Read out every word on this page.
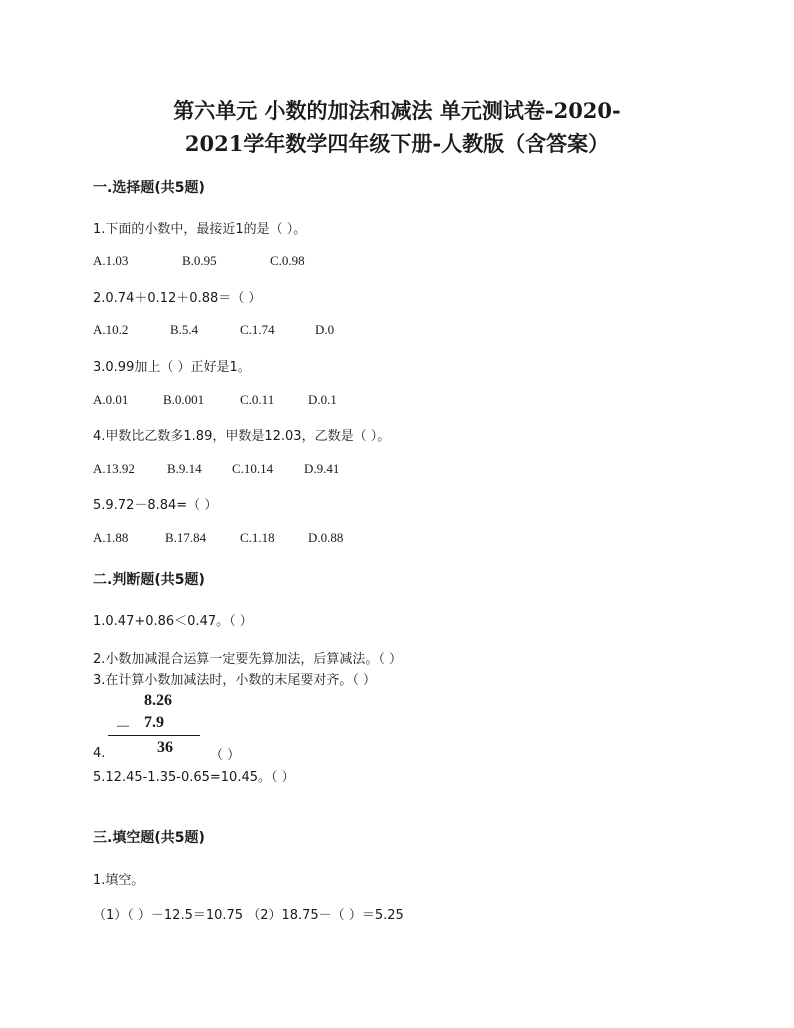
第六单元 小数的加法和减法 单元测试卷-2020-
2021学年数学四年级下册-人教版（含答案）
一.选择题(共5题)
1.下面的小数中，最接近1的是（ ）。
A.1.03	B.0.95	C.0.98
2.0.74＋0.12＋0.88＝（ ）
A.10.2	B.5.4	C.1.74	D.0
3.0.99加上（ ）正好是1。
A.0.01	B.0.001	C.0.11	D.0.1
4.甲数比乙数多1.89，甲数是12.03，乙数是（ ）。
A.13.92 B.9.14 C.10.14 D.9.41
5.9.72－8.84=（ ）
A.1.88	B.17.84	C.1.18	D.0.88
二.判断题(共5题)
1.0.47+0.86＜0.47。（ ）
2.小数加减混合运算一定要先算加法，后算减法。（ ）
3.在计算小数加减法时，小数的末尾要对齐。（ ）
8.26
－ 7.9
36
4.	（ ）
5.12.45-1.35-0.65=10.45。（ ）
三.填空题(共5题)
1.填空。
（1）（ ）－12.5＝10.75 （2）18.75－（ ）＝5.25
